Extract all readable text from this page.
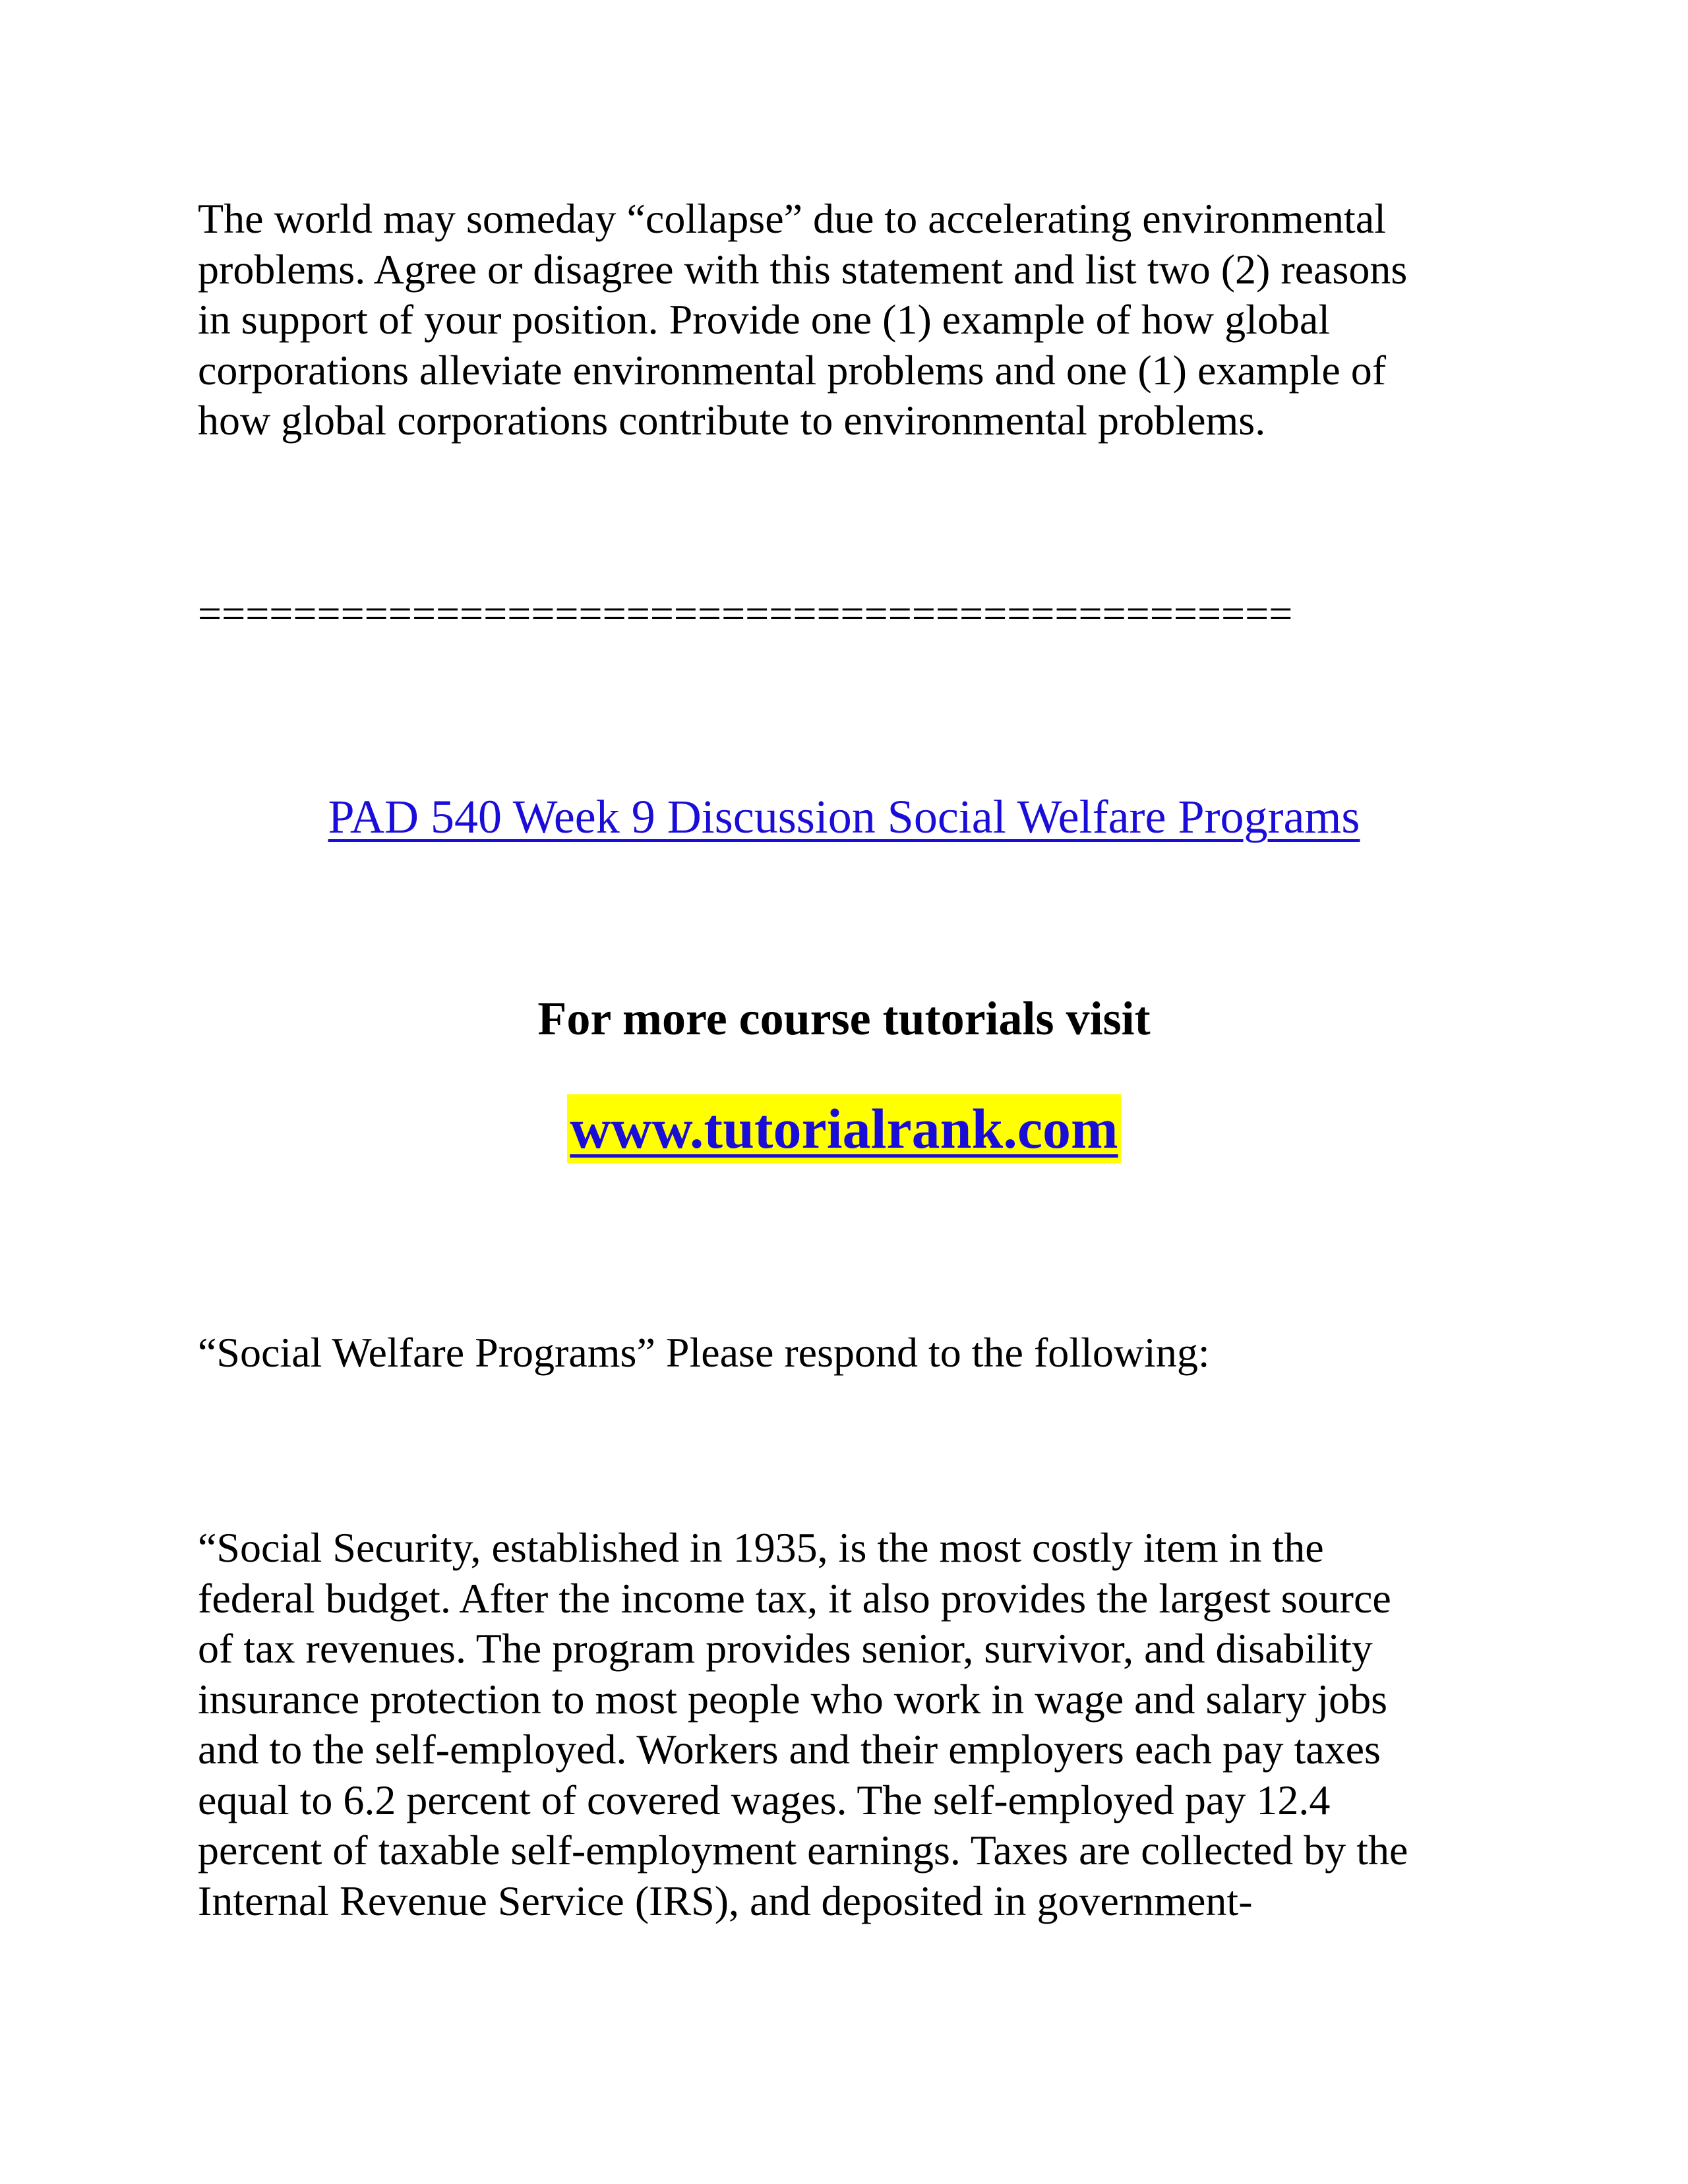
The world may someday “collapse” due to accelerating environmental
problems. Agree or disagree with this statement and list two (2) reasons
in support of your position. Provide one (1) example of how global
corporations alleviate environmental problems and one (1) example of
how global corporations contribute to environmental problems.

==============================================

PAD 540 Week 9 Discussion Social Welfare Programs

For more course tutorials visit

www.tutorialrank.com

“Social Welfare Programs” Please respond to the following:

“Social Security, established in 1935, is the most costly item in the
federal budget. After the income tax, it also provides the largest source
of tax revenues. The program provides senior, survivor, and disability
insurance protection to most people who work in wage and salary jobs
and to the self-employed. Workers and their employers each pay taxes
equal to 6.2 percent of covered wages. The self-employed pay 12.4
percent of taxable self-employment earnings. Taxes are collected by the
Internal Revenue Service (IRS), and deposited in government-
